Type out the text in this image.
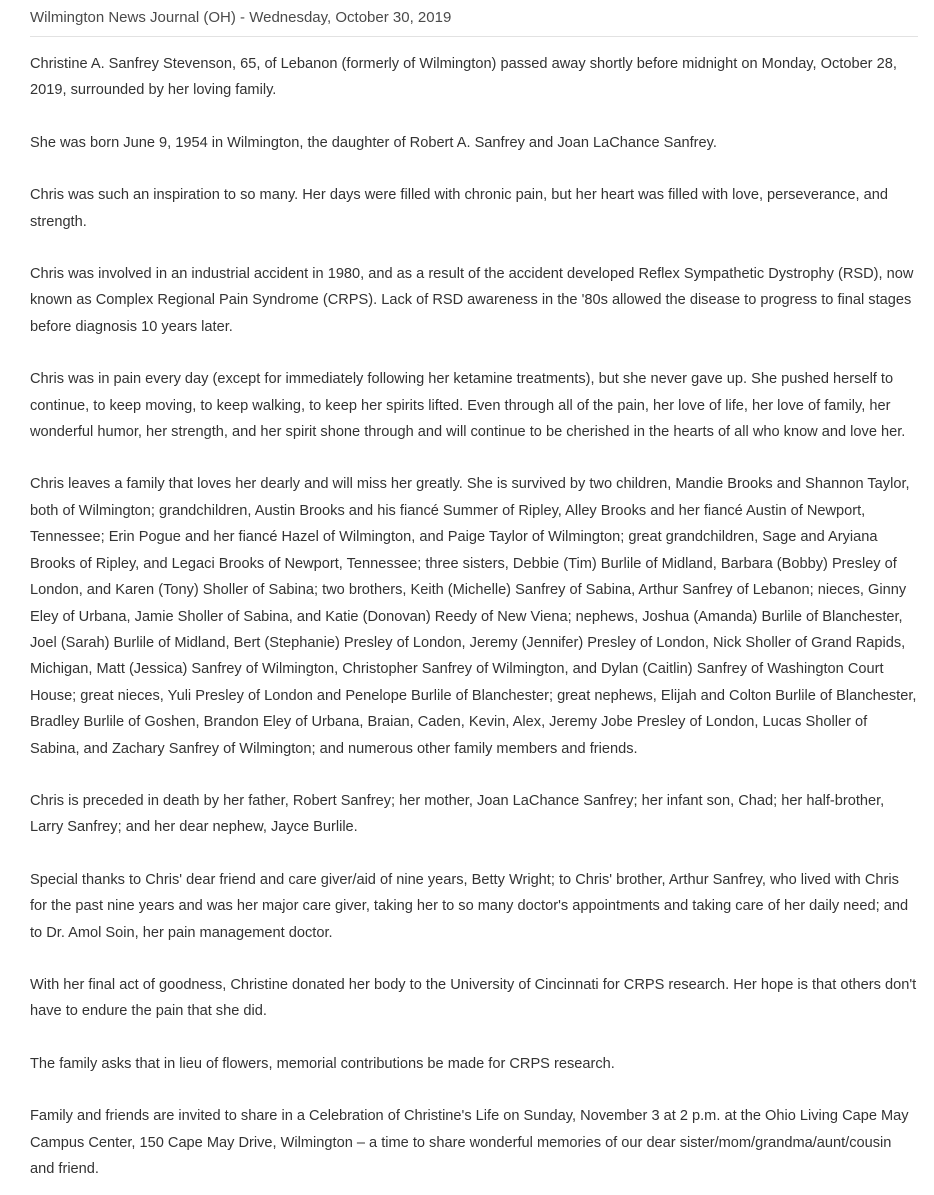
Wilmington News Journal (OH) - Wednesday, October 30, 2019

Christine A. Sanfrey Stevenson, 65, of Lebanon (formerly of Wilmington) passed away shortly before midnight on Monday, October 28, 2019, surrounded by her loving family.

She was born June 9, 1954 in Wilmington, the daughter of Robert A. Sanfrey and Joan LaChance Sanfrey.

Chris was such an inspiration to so many. Her days were filled with chronic pain, but her heart was filled with love, perseverance, and strength.

Chris was involved in an industrial accident in 1980, and as a result of the accident developed Reflex Sympathetic Dystrophy (RSD), now known as Complex Regional Pain Syndrome (CRPS). Lack of RSD awareness in the '80s allowed the disease to progress to final stages before diagnosis 10 years later.

Chris was in pain every day (except for immediately following her ketamine treatments), but she never gave up. She pushed herself to continue, to keep moving, to keep walking, to keep her spirits lifted. Even through all of the pain, her love of life, her love of family, her wonderful humor, her strength, and her spirit shone through and will continue to be cherished in the hearts of all who know and love her.

Chris leaves a family that loves her dearly and will miss her greatly. She is survived by two children, Mandie Brooks and Shannon Taylor, both of Wilmington; grandchildren, Austin Brooks and his fiancé Summer of Ripley, Alley Brooks and her fiancé Austin of Newport, Tennessee; Erin Pogue and her fiancé Hazel of Wilmington, and Paige Taylor of Wilmington; great grandchildren, Sage and Aryiana Brooks of Ripley, and Legaci Brooks of Newport, Tennessee; three sisters, Debbie (Tim) Burlile of Midland, Barbara (Bobby) Presley of London, and Karen (Tony) Sholler of Sabina; two brothers, Keith (Michelle) Sanfrey of Sabina, Arthur Sanfrey of Lebanon; nieces, Ginny Eley of Urbana, Jamie Sholler of Sabina, and Katie (Donovan) Reedy of New Viena; nephews, Joshua (Amanda) Burlile of Blanchester, Joel (Sarah) Burlile of Midland, Bert (Stephanie) Presley of London, Jeremy (Jennifer) Presley of London, Nick Sholler of Grand Rapids, Michigan, Matt (Jessica) Sanfrey of Wilmington, Christopher Sanfrey of Wilmington, and Dylan (Caitlin) Sanfrey of Washington Court House; great nieces, Yuli Presley of London and Penelope Burlile of Blanchester; great nephews, Elijah and Colton Burlile of Blanchester, Bradley Burlile of Goshen, Brandon Eley of Urbana, Braian, Caden, Kevin, Alex, Jeremy Jobe Presley of London, Lucas Sholler of Sabina, and Zachary Sanfrey of Wilmington; and numerous other family members and friends.

Chris is preceded in death by her father, Robert Sanfrey; her mother, Joan LaChance Sanfrey; her infant son, Chad; her half-brother, Larry Sanfrey; and her dear nephew, Jayce Burlile.

Special thanks to Chris' dear friend and care giver/aid of nine years, Betty Wright; to Chris' brother, Arthur Sanfrey, who lived with Chris for the past nine years and was her major care giver, taking her to so many doctor's appointments and taking care of her daily need; and to Dr. Amol Soin, her pain management doctor.

With her final act of goodness, Christine donated her body to the University of Cincinnati for CRPS research. Her hope is that others don't have to endure the pain that she did.

The family asks that in lieu of flowers, memorial contributions be made for CRPS research.

Family and friends are invited to share in a Celebration of Christine's Life on Sunday, November 3 at 2 p.m. at the Ohio Living Cape May Campus Center, 150 Cape May Drive, Wilmington – a time to share wonderful memories of our dear sister/mom/grandma/aunt/cousin and friend.
